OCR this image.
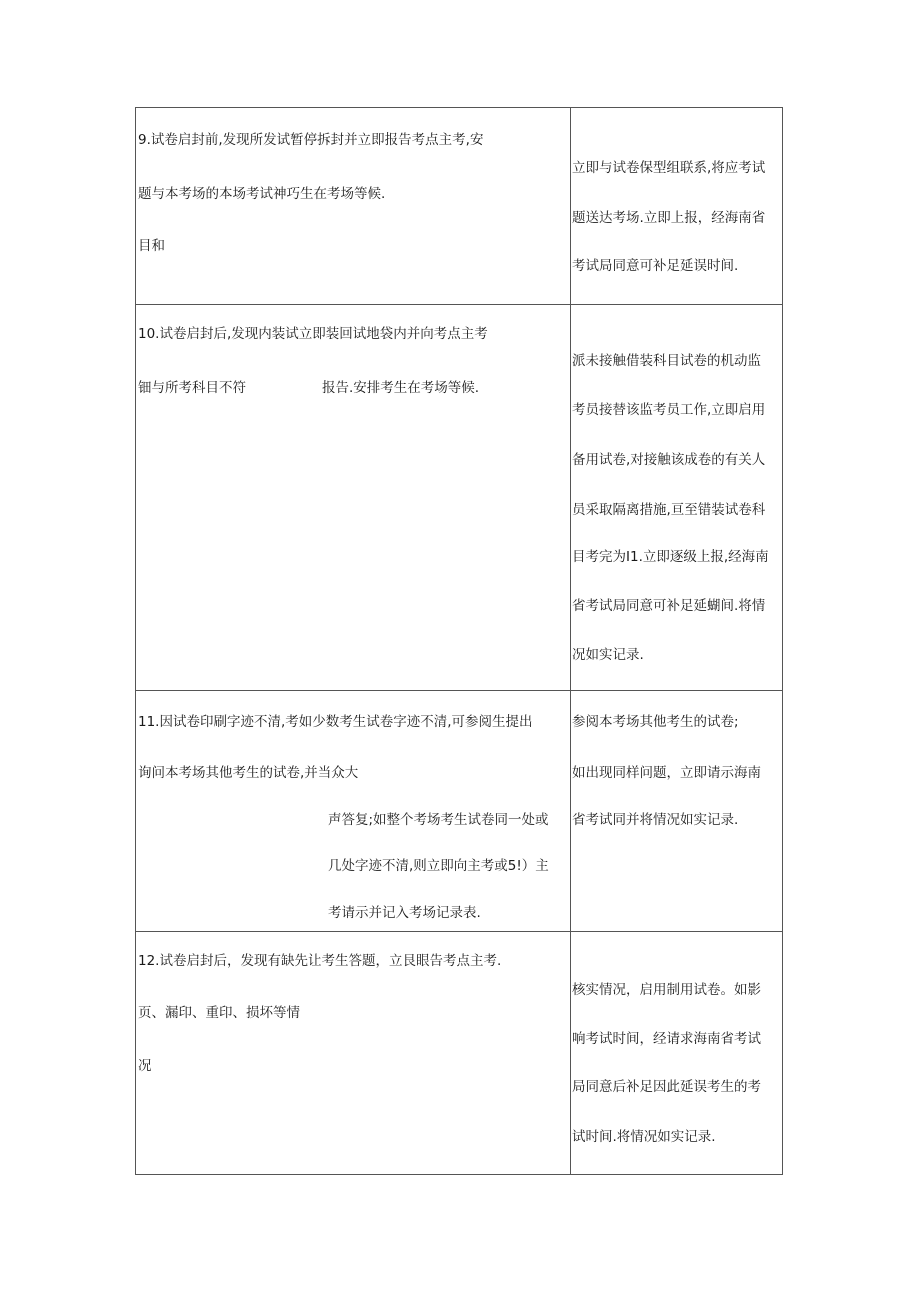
9.试卷启封前,发现所发试暂停拆封并立即报告考点主考,安
题与本考场的本场考试神巧生在考场等候.
目和
立即与试卷保型组联系,将应考试
题送达考场.立即上报，经海南省
考试局同意可补足延误时间.
10.试卷启封后,发现内装试立即装回试地袋内并向考点主考
钿与所考科目不符	报告.安排考生在考场等候.
派未接触借装科目试卷的机动监
考员接替该监考员工作,立即启用
备用试卷,对接触该成卷的有关人
员采取隔离措施,亘至错装试卷科
目考完为I1.立即逐级上报,经海南
省考试局同意可补足延蝴间.将情
况如实记录.
11.因试卷印刷字迹不清,考如少数考生试卷字迹不清,可参阅生提出
询问本考场其他考生的试卷,并当众大
声答复;如整个考场考生试卷同一处或
几处字迹不清,则立即向主考或5!）主
考请示并记入考场记录表.
参阅本考场其他考生的试卷;
如出现同样问题，立即请示海南
省考试同并将情况如实记录.
12.试卷启封后，发现有缺先让考生答题，立艮眼告考点主考.
页、漏印、重印、损坏等情
况
核实情况，启用制用试卷。如影
响考试时间，经请求海南省考试
局同意后补足因此延误考生的考
试时间.将情况如实记录.
